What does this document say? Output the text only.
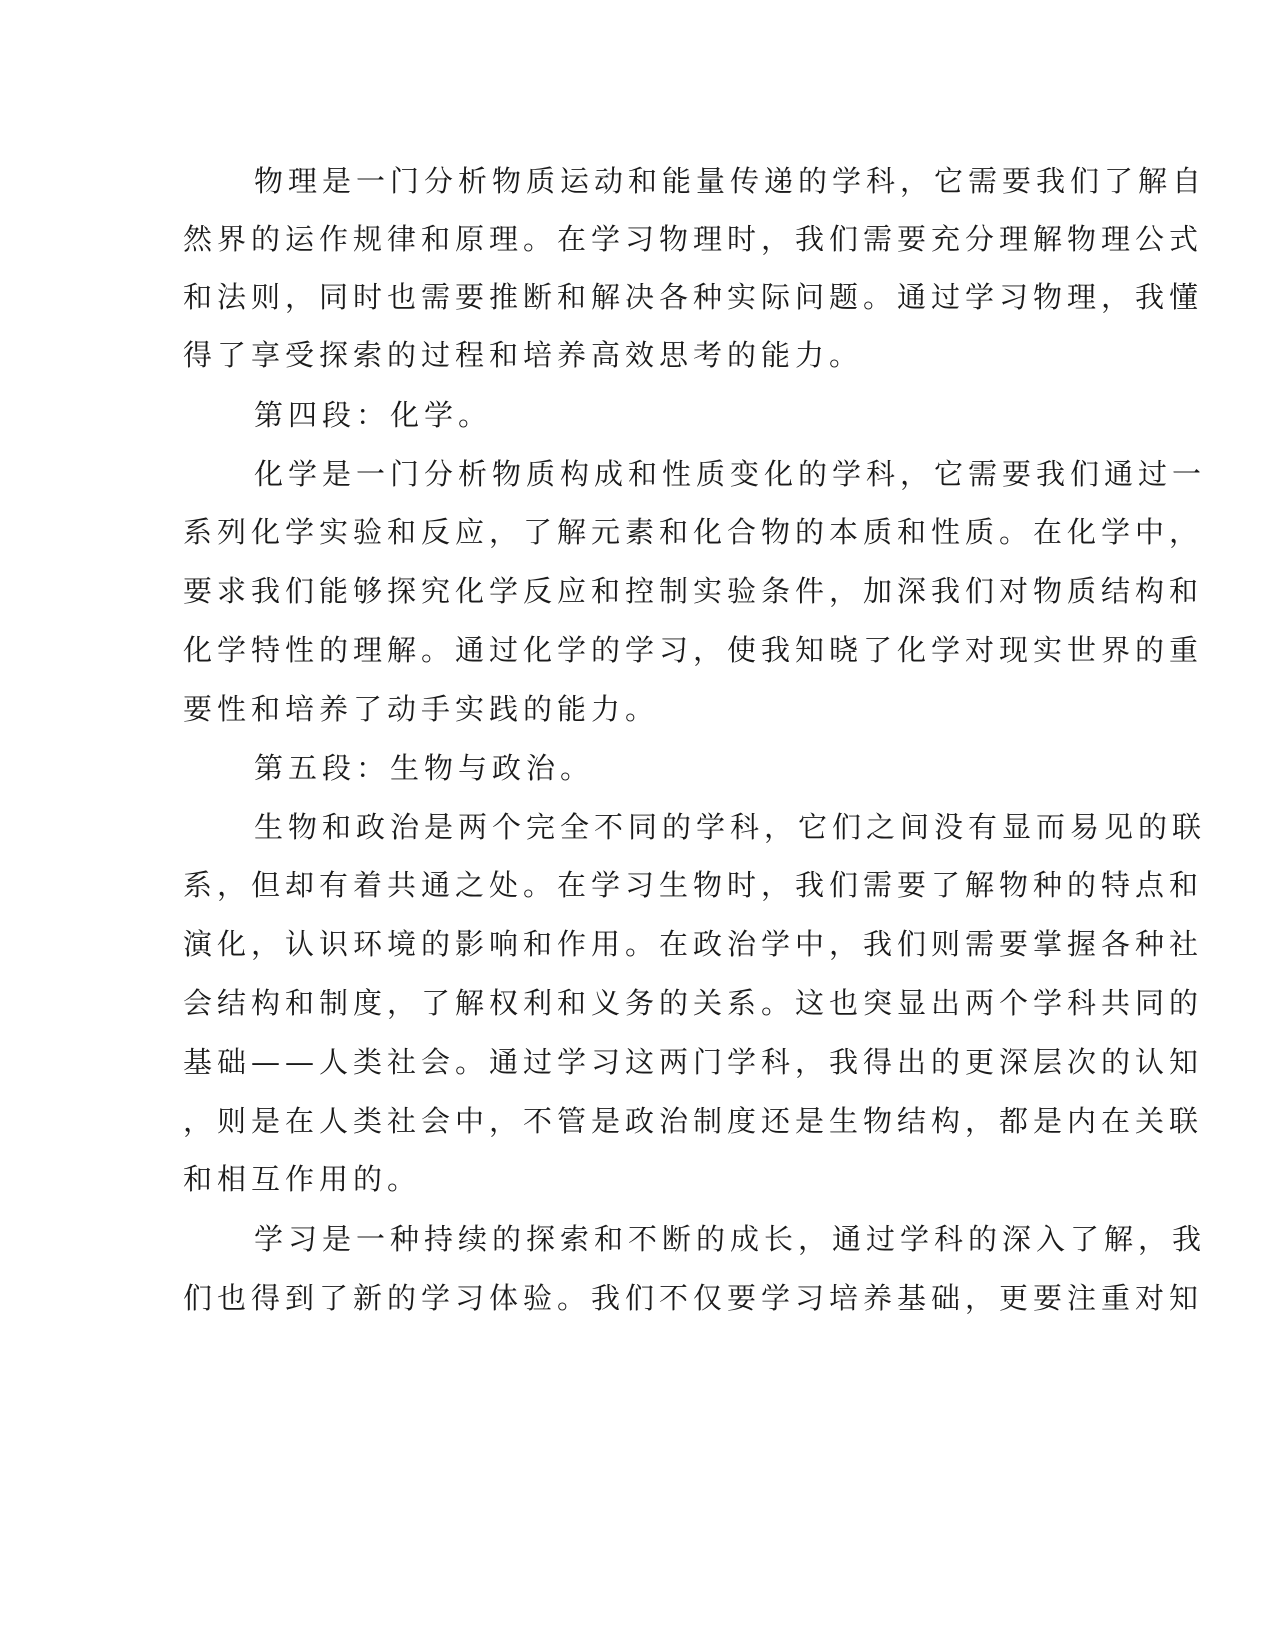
物理是一门分析物质运动和能量传递的学科，它需要我们了解自
然界的运作规律和原理。在学习物理时，我们需要充分理解物理公式
和法则，同时也需要推断和解决各种实际问题。通过学习物理，我懂
得了享受探索的过程和培养高效思考的能力。
第四段：化学。
化学是一门分析物质构成和性质变化的学科，它需要我们通过一
系列化学实验和反应，了解元素和化合物的本质和性质。在化学中，
要求我们能够探究化学反应和控制实验条件，加深我们对物质结构和
化学特性的理解。通过化学的学习，使我知晓了化学对现实世界的重
要性和培养了动手实践的能力。
第五段：生物与政治。
生物和政治是两个完全不同的学科，它们之间没有显而易见的联
系，但却有着共通之处。在学习生物时，我们需要了解物种的特点和
演化，认识环境的影响和作用。在政治学中，我们则需要掌握各种社
会结构和制度，了解权利和义务的关系。这也突显出两个学科共同的
基础——人类社会。通过学习这两门学科，我得出的更深层次的认知
，则是在人类社会中，不管是政治制度还是生物结构，都是内在关联
和相互作用的。
学习是一种持续的探索和不断的成长，通过学科的深入了解，我
们也得到了新的学习体验。我们不仅要学习培养基础，更要注重对知
